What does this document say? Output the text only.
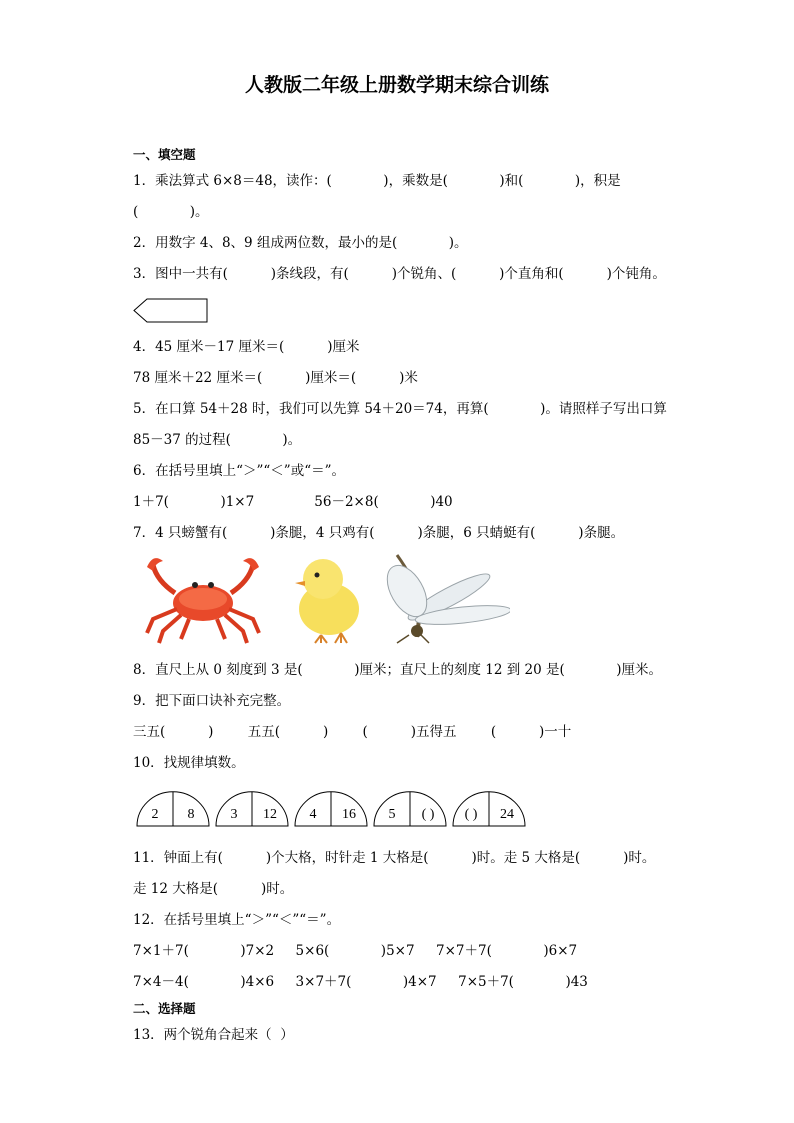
人教版二年级上册数学期末综合训练
一、填空题
1．乘法算式 6×8＝48，读作：(            )，乘数是(            )和(            )，积是
(            )。
2．用数字 4、8、9 组成两位数，最小的是(            )。
3．图中一共有(          )条线段，有(          )个锐角、(          )个直角和(          )个钝角。
4．45 厘米－17 厘米＝(          )厘米
78 厘米＋22 厘米＝(          )厘米＝(          )米
5．在口算 54＋28 时，我们可以先算 54＋20＝74，再算(            )。请照样子写出口算
85－37 的过程(            )。
6．在括号里填上“＞”“＜”或“＝”。
1＋7(            )1×7              56－2×8(            )40
7．4 只螃蟹有(          )条腿，4 只鸡有(          )条腿，6 只蜻蜓有(          )条腿。
8．直尺上从 0 刻度到 3 是(            )厘米；直尺上的刻度 12 到 20 是(            )厘米。
9．把下面口诀补充完整。
三五(          )        五五(          )        (          )五得五        (          )一十
10．找规律填数。
2 8	3 12 4 16 5 ( ) ( ) 24
11．钟面上有(          )个大格，时针走 1 大格是(          )时。走 5 大格是(          )时。
走 12 大格是(          )时。
12．在括号里填上“＞”“＜”“＝”。
7×1＋7(            )7×2     5×6(            )5×7     7×7＋7(            )6×7
7×4－4(            )4×6     3×7＋7(            )4×7     7×5＋7(            )43
二、选择题
13．两个锐角合起来（  ）
